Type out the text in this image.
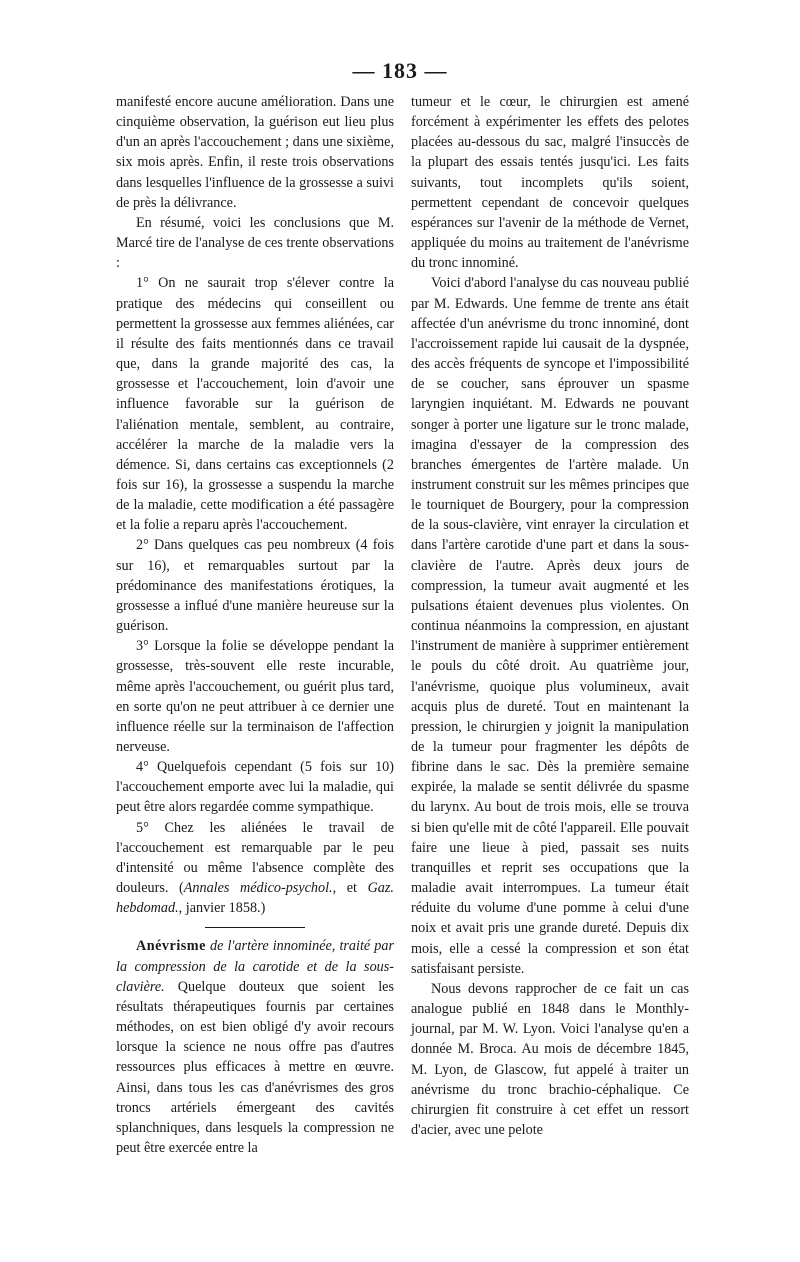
— 183 —

manifesté encore aucune amélioration. Dans une cinquième observation, la guérison eut lieu plus d'un an après l'accouchement ; dans une sixième, six mois après. Enfin, il reste trois observations dans lesquelles l'influence de la grossesse a suivi de près la délivrance.

En résumé, voici les conclusions que M. Marcé tire de l'analyse de ces trente observations :

1° On ne saurait trop s'élever contre la pratique des médecins qui conseillent ou permettent la grossesse aux femmes aliénées, car il résulte des faits mentionnés dans ce travail que, dans la grande majorité des cas, la grossesse et l'accouchement, loin d'avoir une influence favorable sur la guérison de l'aliénation mentale, semblent, au contraire, accélérer la marche de la maladie vers la démence. Si, dans certains cas exceptionnels (2 fois sur 16), la grossesse a suspendu la marche de la maladie, cette modification a été passagère et la folie a reparu après l'accouchement.

2° Dans quelques cas peu nombreux (4 fois sur 16), et remarquables surtout par la prédominance des manifestations érotiques, la grossesse a influé d'une manière heureuse sur la guérison.

3° Lorsque la folie se développe pendant la grossesse, très-souvent elle reste incurable, même après l'accouchement, ou guérit plus tard, en sorte qu'on ne peut attribuer à ce dernier une influence réelle sur la terminaison de l'affection nerveuse.

4° Quelquefois cependant (5 fois sur 10) l'accouchement emporte avec lui la maladie, qui peut être alors regardée comme sympathique.

5° Chez les aliénées le travail de l'accouchement est remarquable par le peu d'intensité ou même l'absence complète des douleurs. (Annales médico-psychol., et Gaz. hebdomad., janvier 1858.)

Anévrisme de l'artère innominée, traité par la compression de la carotide et de la sous-clavière. Quelque douteux que soient les résultats thérapeutiques fournis par certaines méthodes, on est bien obligé d'y avoir recours lorsque la science ne nous offre pas d'autres ressources plus efficaces à mettre en œuvre. Ainsi, dans tous les cas d'anévrismes des gros troncs artériels émergeant des cavités splanchniques, dans lesquels la compression ne peut être exercée entre la

tumeur et le cœur, le chirurgien est amené forcément à expérimenter les effets des pelotes placées au-dessous du sac, malgré l'insuccès de la plupart des essais tentés jusqu'ici. Les faits suivants, tout incomplets qu'ils soient, permettent cependant de concevoir quelques espérances sur l'avenir de la méthode de Vernet, appliquée du moins au traitement de l'anévrisme du tronc innominé.

Voici d'abord l'analyse du cas nouveau publié par M. Edwards. Une femme de trente ans était affectée d'un anévrisme du tronc innominé, dont l'accroissement rapide lui causait de la dyspnée, des accès fréquents de syncope et l'impossibilité de se coucher, sans éprouver un spasme laryngien inquiétant. M. Edwards ne pouvant songer à porter une ligature sur le tronc malade, imagina d'essayer de la compression des branches émergentes de l'artère malade. Un instrument construit sur les mêmes principes que le tourniquet de Bourgery, pour la compression de la sous-clavière, vint enrayer la circulation et dans l'artère carotide d'une part et dans la sous-clavière de l'autre. Après deux jours de compression, la tumeur avait augmenté et les pulsations étaient devenues plus violentes. On continua néanmoins la compression, en ajustant l'instrument de manière à supprimer entièrement le pouls du côté droit. Au quatrième jour, l'anévrisme, quoique plus volumineux, avait acquis plus de dureté. Tout en maintenant la pression, le chirurgien y joignit la manipulation de la tumeur pour fragmenter les dépôts de fibrine dans le sac. Dès la première semaine expirée, la malade se sentit délivrée du spasme du larynx. Au bout de trois mois, elle se trouva si bien qu'elle mit de côté l'appareil. Elle pouvait faire une lieue à pied, passait ses nuits tranquilles et reprit ses occupations que la maladie avait interrompues. La tumeur était réduite du volume d'une pomme à celui d'une noix et avait pris une grande dureté. Depuis dix mois, elle a cessé la compression et son état satisfaisant persiste.

Nous devons rapprocher de ce fait un cas analogue publié en 1848 dans le Monthly-journal, par M. W. Lyon. Voici l'analyse qu'en a donnée M. Broca. Au mois de décembre 1845, M. Lyon, de Glascow, fut appelé à traiter un anévrisme du tronc brachio-céphalique. Ce chirurgien fit construire à cet effet un ressort d'acier, avec une pelote
